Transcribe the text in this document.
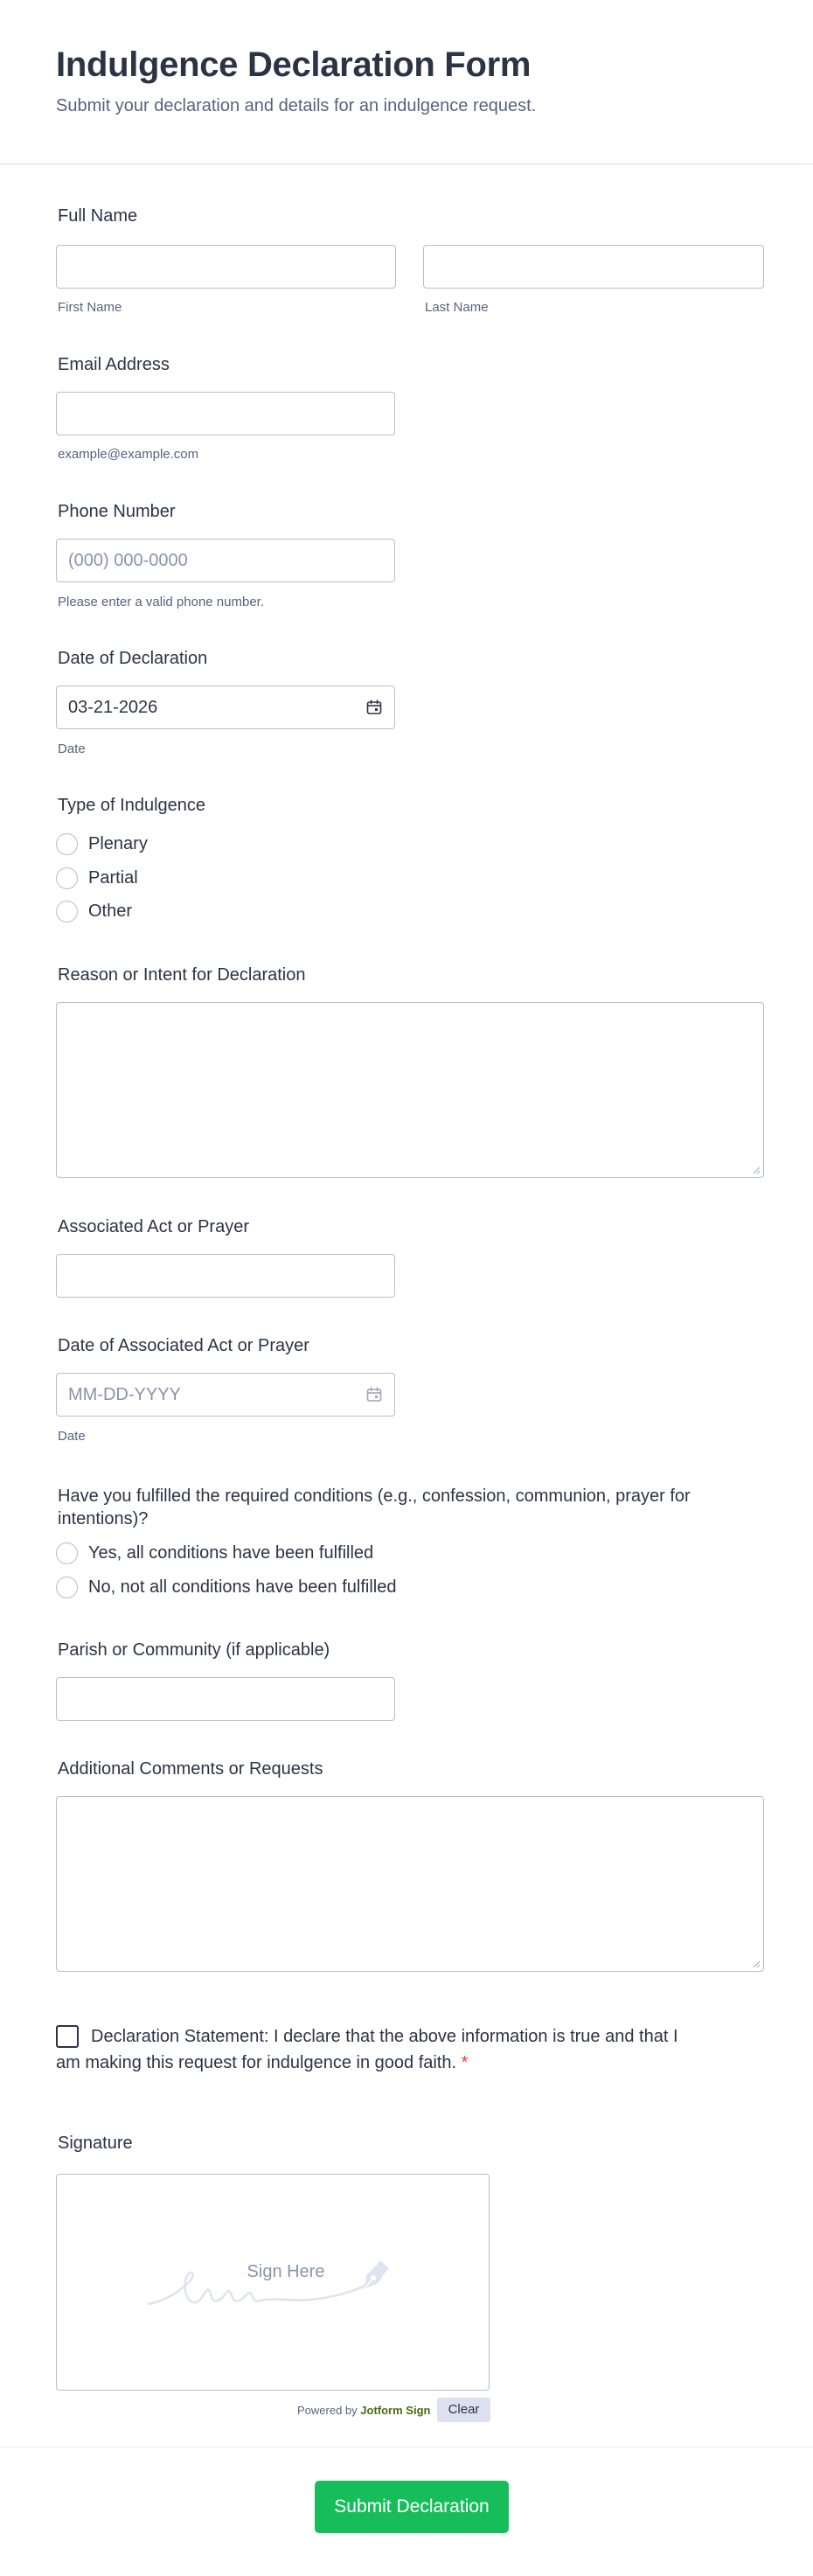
Indulgence Declaration Form
Submit your declaration and details for an indulgence request.
Full Name
First Name	Last Name
Email Address
example@example.com
Phone Number
(000) 000-0000
Please enter a valid phone number.
Date of Declaration
03-21-2026
Date
Type of Indulgence
Plenary
Partial
Other
Reason or Intent for Declaration
Associated Act or Prayer
Date of Associated Act or Prayer
MM-DD-YYYY
Date
Have you fulfilled the required conditions (e.g., confession, communion, prayer for intentions)?
Yes, all conditions have been fulfilled
No, not all conditions have been fulfilled
Parish or Community (if applicable)
Additional Comments or Requests
Declaration Statement: I declare that the above information is true and that I am making this request for indulgence in good faith. *
Signature
Sign Here
Powered by Jotform Sign	Clear
Submit Declaration
